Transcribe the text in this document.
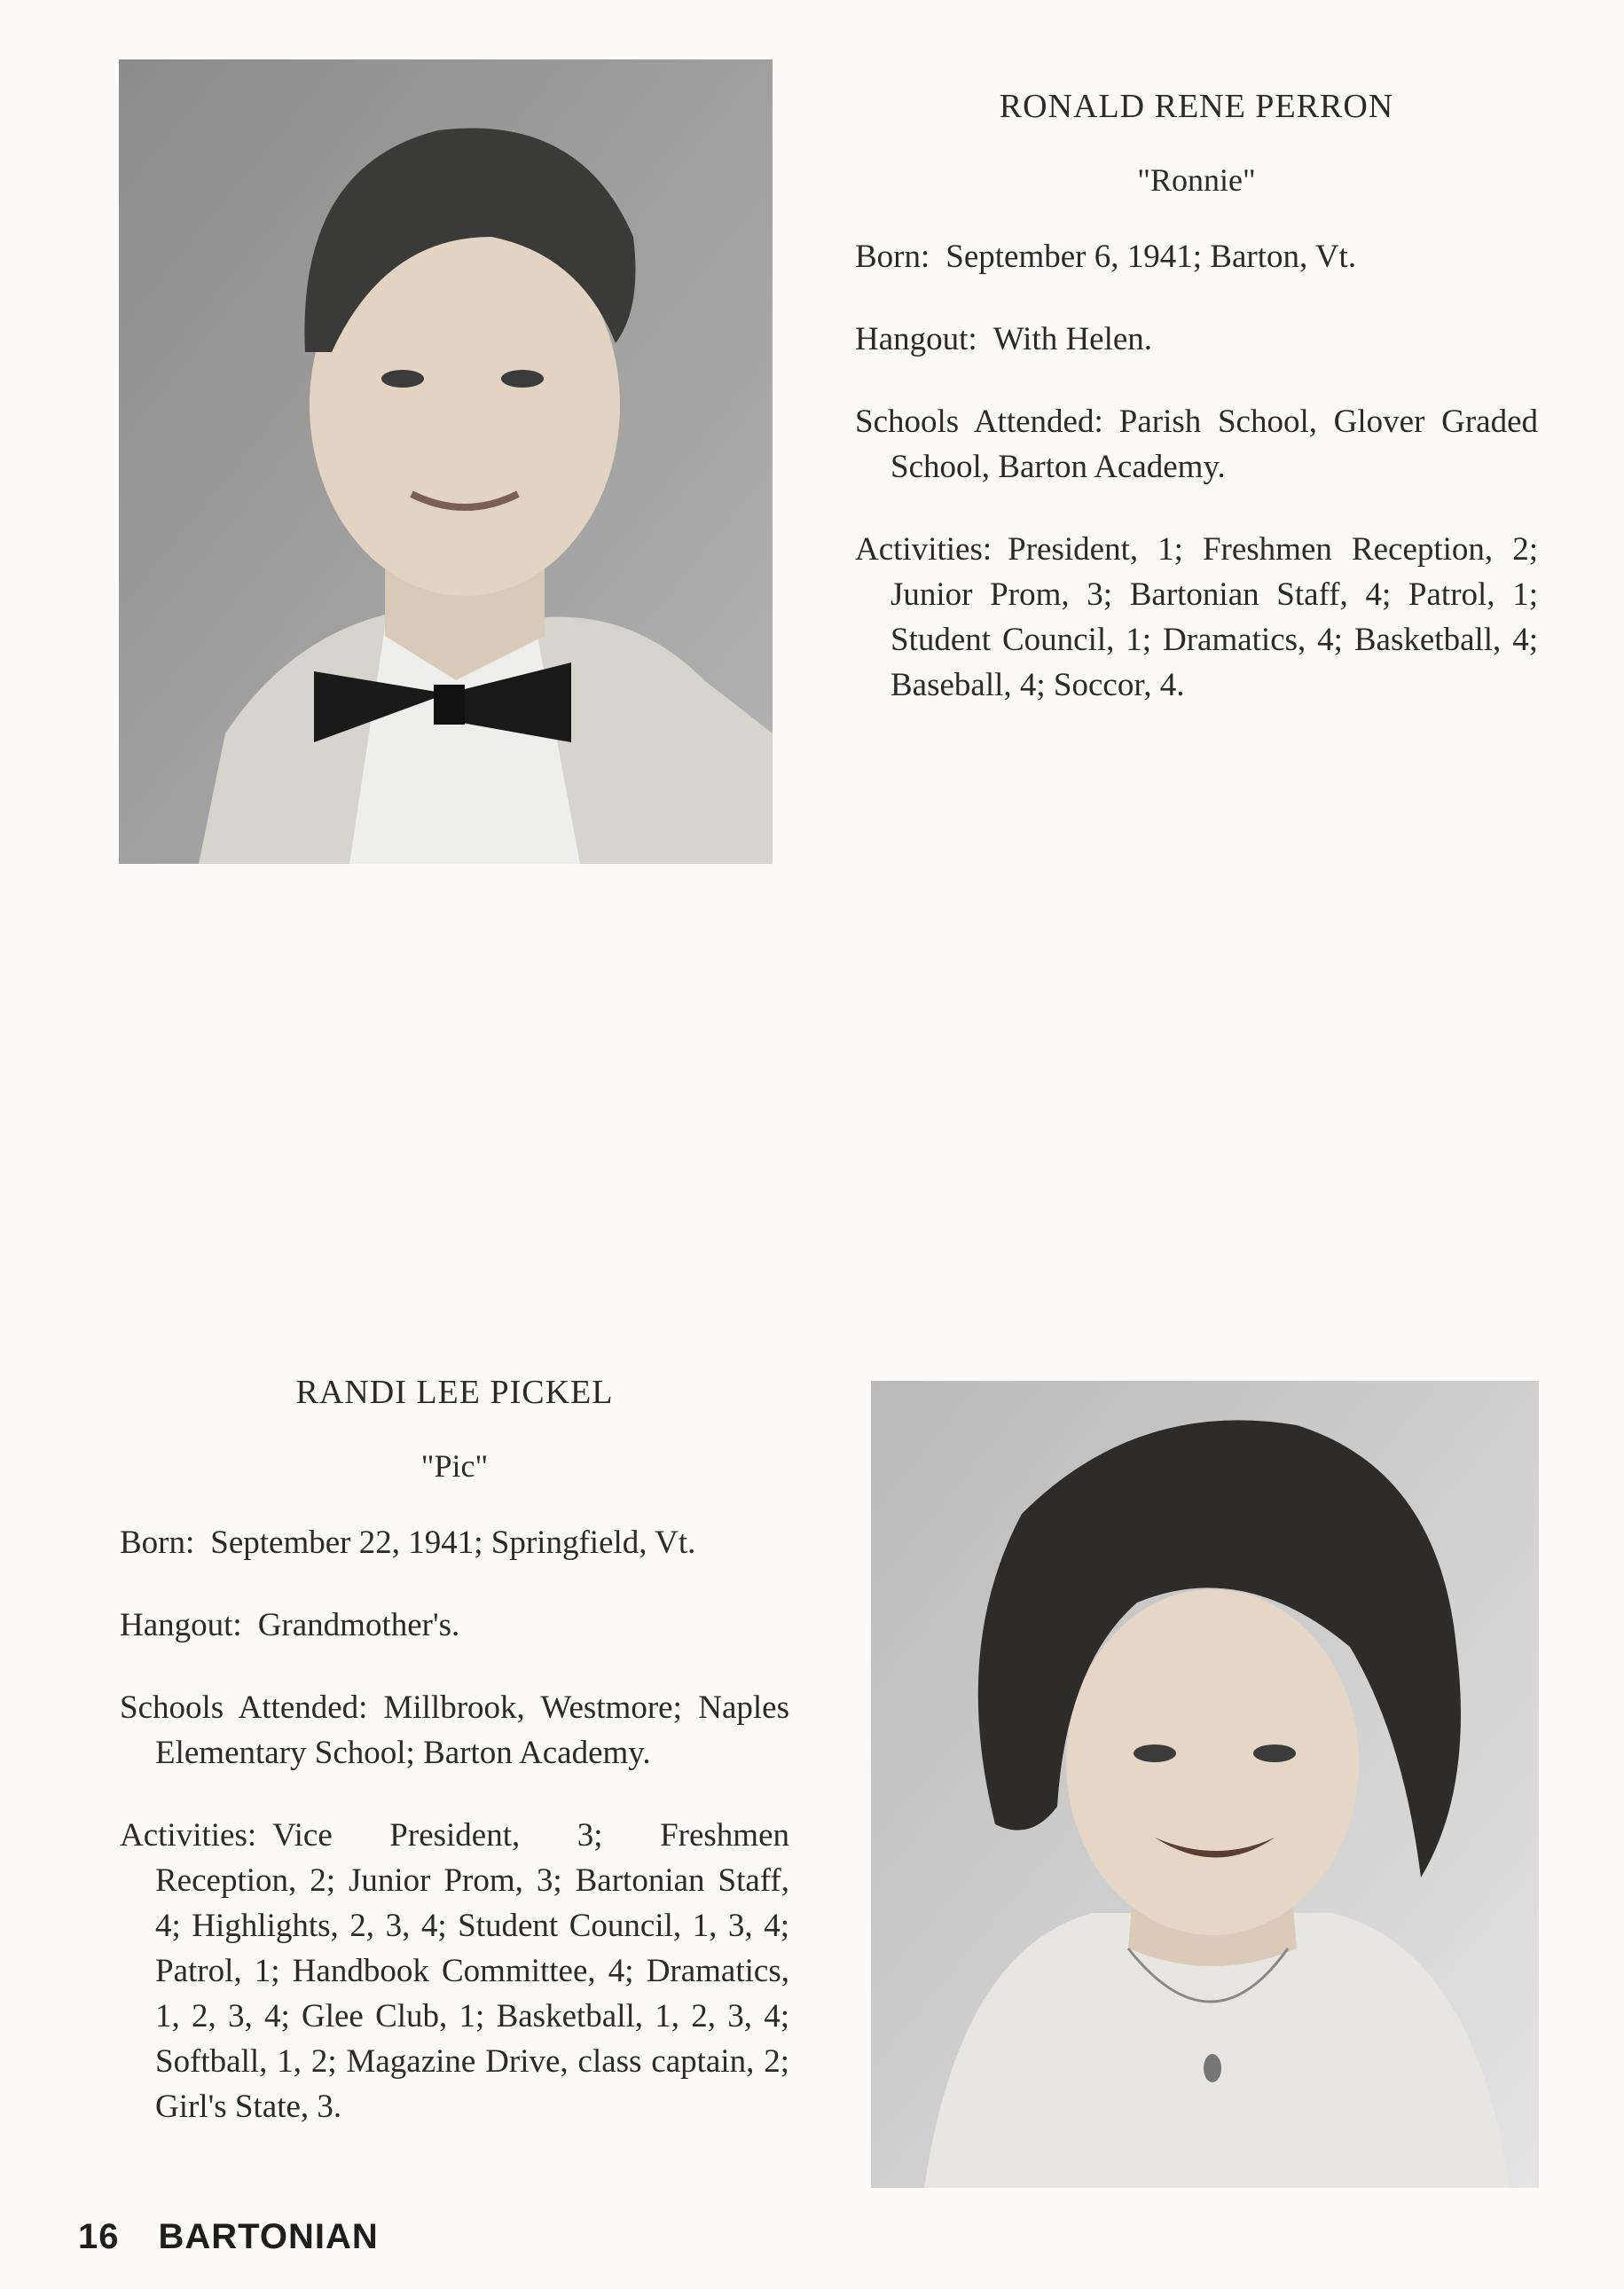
RONALD RENE PERRON
"Ronnie"
Born: September 6, 1941; Barton, Vt.
Hangout: With Helen.
Schools Attended: Parish School, Glover Graded School, Barton Academy.
Activities: President, 1; Freshmen Reception, 2; Junior Prom, 3; Bartonian Staff, 4; Patrol, 1; Student Council, 1; Dramatics, 4; Basketball, 4; Baseball, 4; Soccor, 4.
RANDI LEE PICKEL
"Pic"
Born: September 22, 1941; Springfield, Vt.
Hangout: Grandmother's.
Schools Attended: Millbrook, Westmore; Naples Elementary School; Barton Academy.
Activities: Vice President, 3; Freshmen Reception, 2; Junior Prom, 3; Bartonian Staff, 4; Highlights, 2, 3, 4; Student Council, 1, 3, 4; Patrol, 1; Handbook Committee, 4; Dramatics, 1, 2, 3, 4; Glee Club, 1; Basketball, 1, 2, 3, 4; Softball, 1, 2; Magazine Drive, class captain, 2; Girl's State, 3.
16 BARTONIAN
